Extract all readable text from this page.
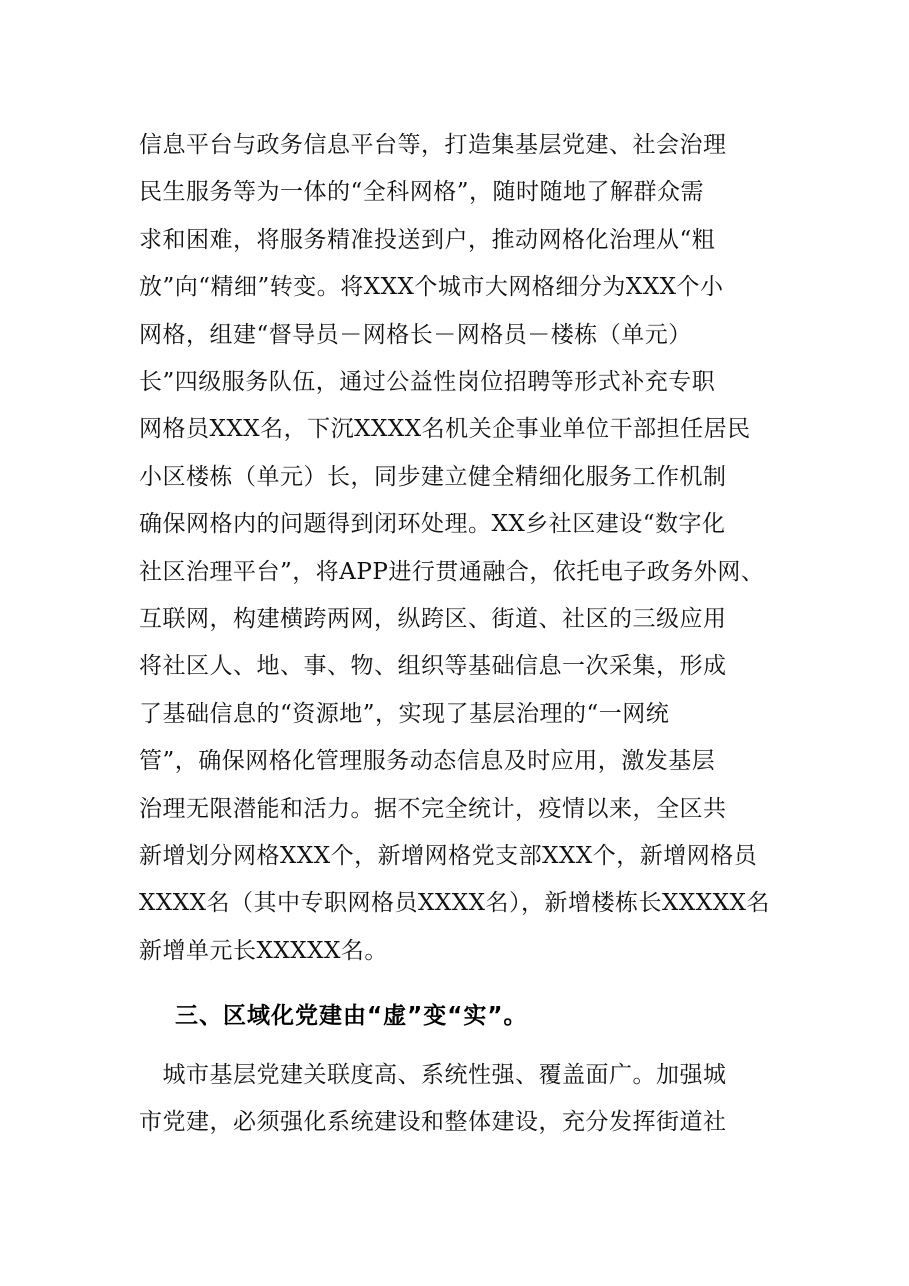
信息平台与政务信息平台等，打造集基层党建、社会治理
民生服务等为一体的“全科网格”，随时随地了解群众需
求和困难，将服务精准投送到户，推动网格化治理从“粗
放”向“精细”转变。将XXX个城市大网格细分为XXX个小
网格，组建“督导员－网格长－网格员－楼栋（单元）
长”四级服务队伍，通过公益性岗位招聘等形式补充专职
网格员XXX名，下沉XXXX名机关企事业单位干部担任居民
小区楼栋（单元）长，同步建立健全精细化服务工作机制
确保网格内的问题得到闭环处理。XX乡社区建设“数字化
社区治理平台”，将APP进行贯通融合，依托电子政务外网、
互联网，构建横跨两网，纵跨区、街道、社区的三级应用
将社区人、地、事、物、组织等基础信息一次采集，形成
了基础信息的“资源地”，实现了基层治理的“一网统
管”，确保网格化管理服务动态信息及时应用，激发基层
治理无限潜能和活力。据不完全统计，疫情以来，全区共
新增划分网格XXX个，新增网格党支部XXX个，新增网格员
XXXX名（其中专职网格员XXXX名），新增楼栋长XXXXX名
新增单元长XXXXX名。
三、区域化党建由“虚”变“实”。
　城市基层党建关联度高、系统性强、覆盖面广。加强城
市党建，必须强化系统建设和整体建设，充分发挥街道社
